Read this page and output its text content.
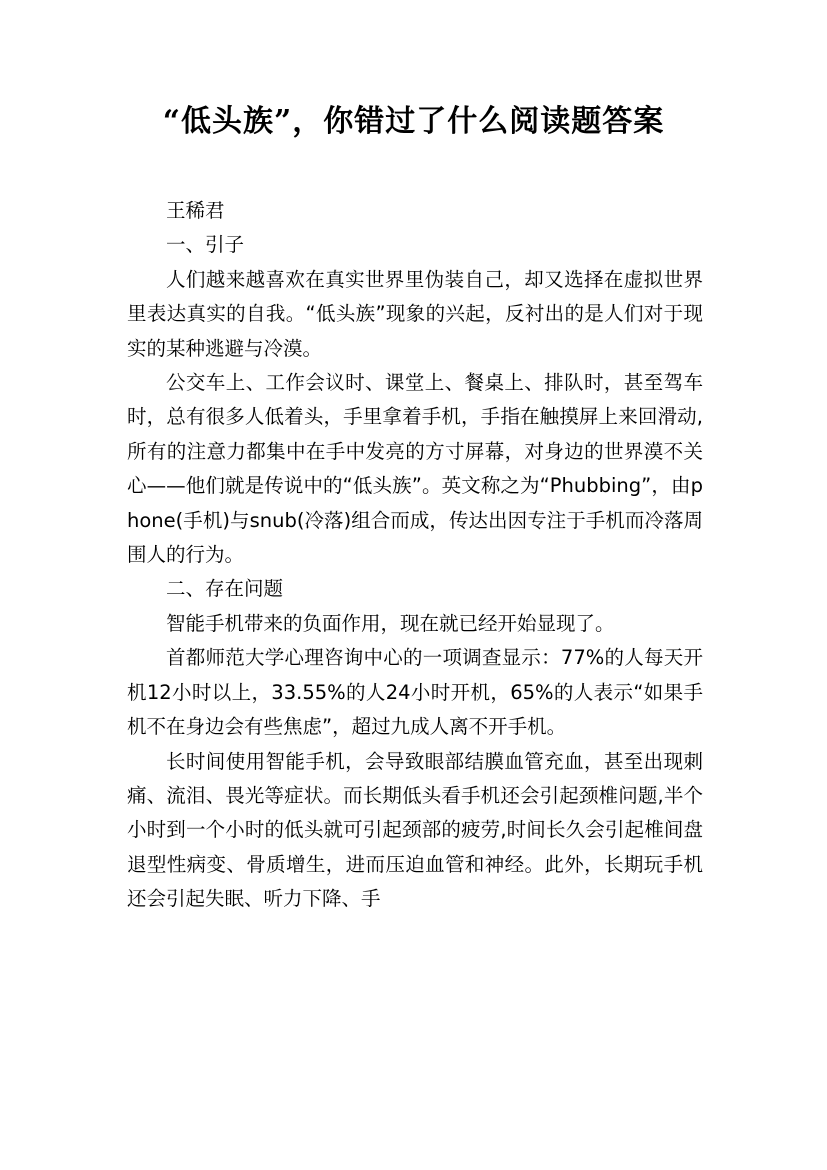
“低头族”，你错过了什么阅读题答案

王稀君

一、引子

人们越来越喜欢在真实世界里伪装自己，却又选择在虚拟世界里表达真实的自我。“低头族”现象的兴起，反衬出的是人们对于现实的某种逃避与冷漠。

公交车上、工作会议时、课堂上、餐桌上、排队时，甚至驾车时，总有很多人低着头，手里拿着手机，手指在触摸屏上来回滑动,所有的注意力都集中在手中发亮的方寸屏幕，对身边的世界漠不关心——他们就是传说中的“低头族”。英文称之为“Phubbing”，由phone(手机)与snub(冷落)组合而成，传达出因专注于手机而冷落周围人的行为。

二、存在问题

智能手机带来的负面作用，现在就已经开始显现了。

首都师范大学心理咨询中心的一项调查显示：77%的人每天开机12小时以上，33.55%的人24小时开机，65%的人表示“如果手机不在身边会有些焦虑”，超过九成人离不开手机。

长时间使用智能手机，会导致眼部结膜血管充血，甚至出现刺痛、流泪、畏光等症状。而长期低头看手机还会引起颈椎问题,半个小时到一个小时的低头就可引起颈部的疲劳,时间长久会引起椎间盘退型性病变、骨质增生，进而压迫血管和神经。此外，长期玩手机还会引起失眠、听力下降、手
